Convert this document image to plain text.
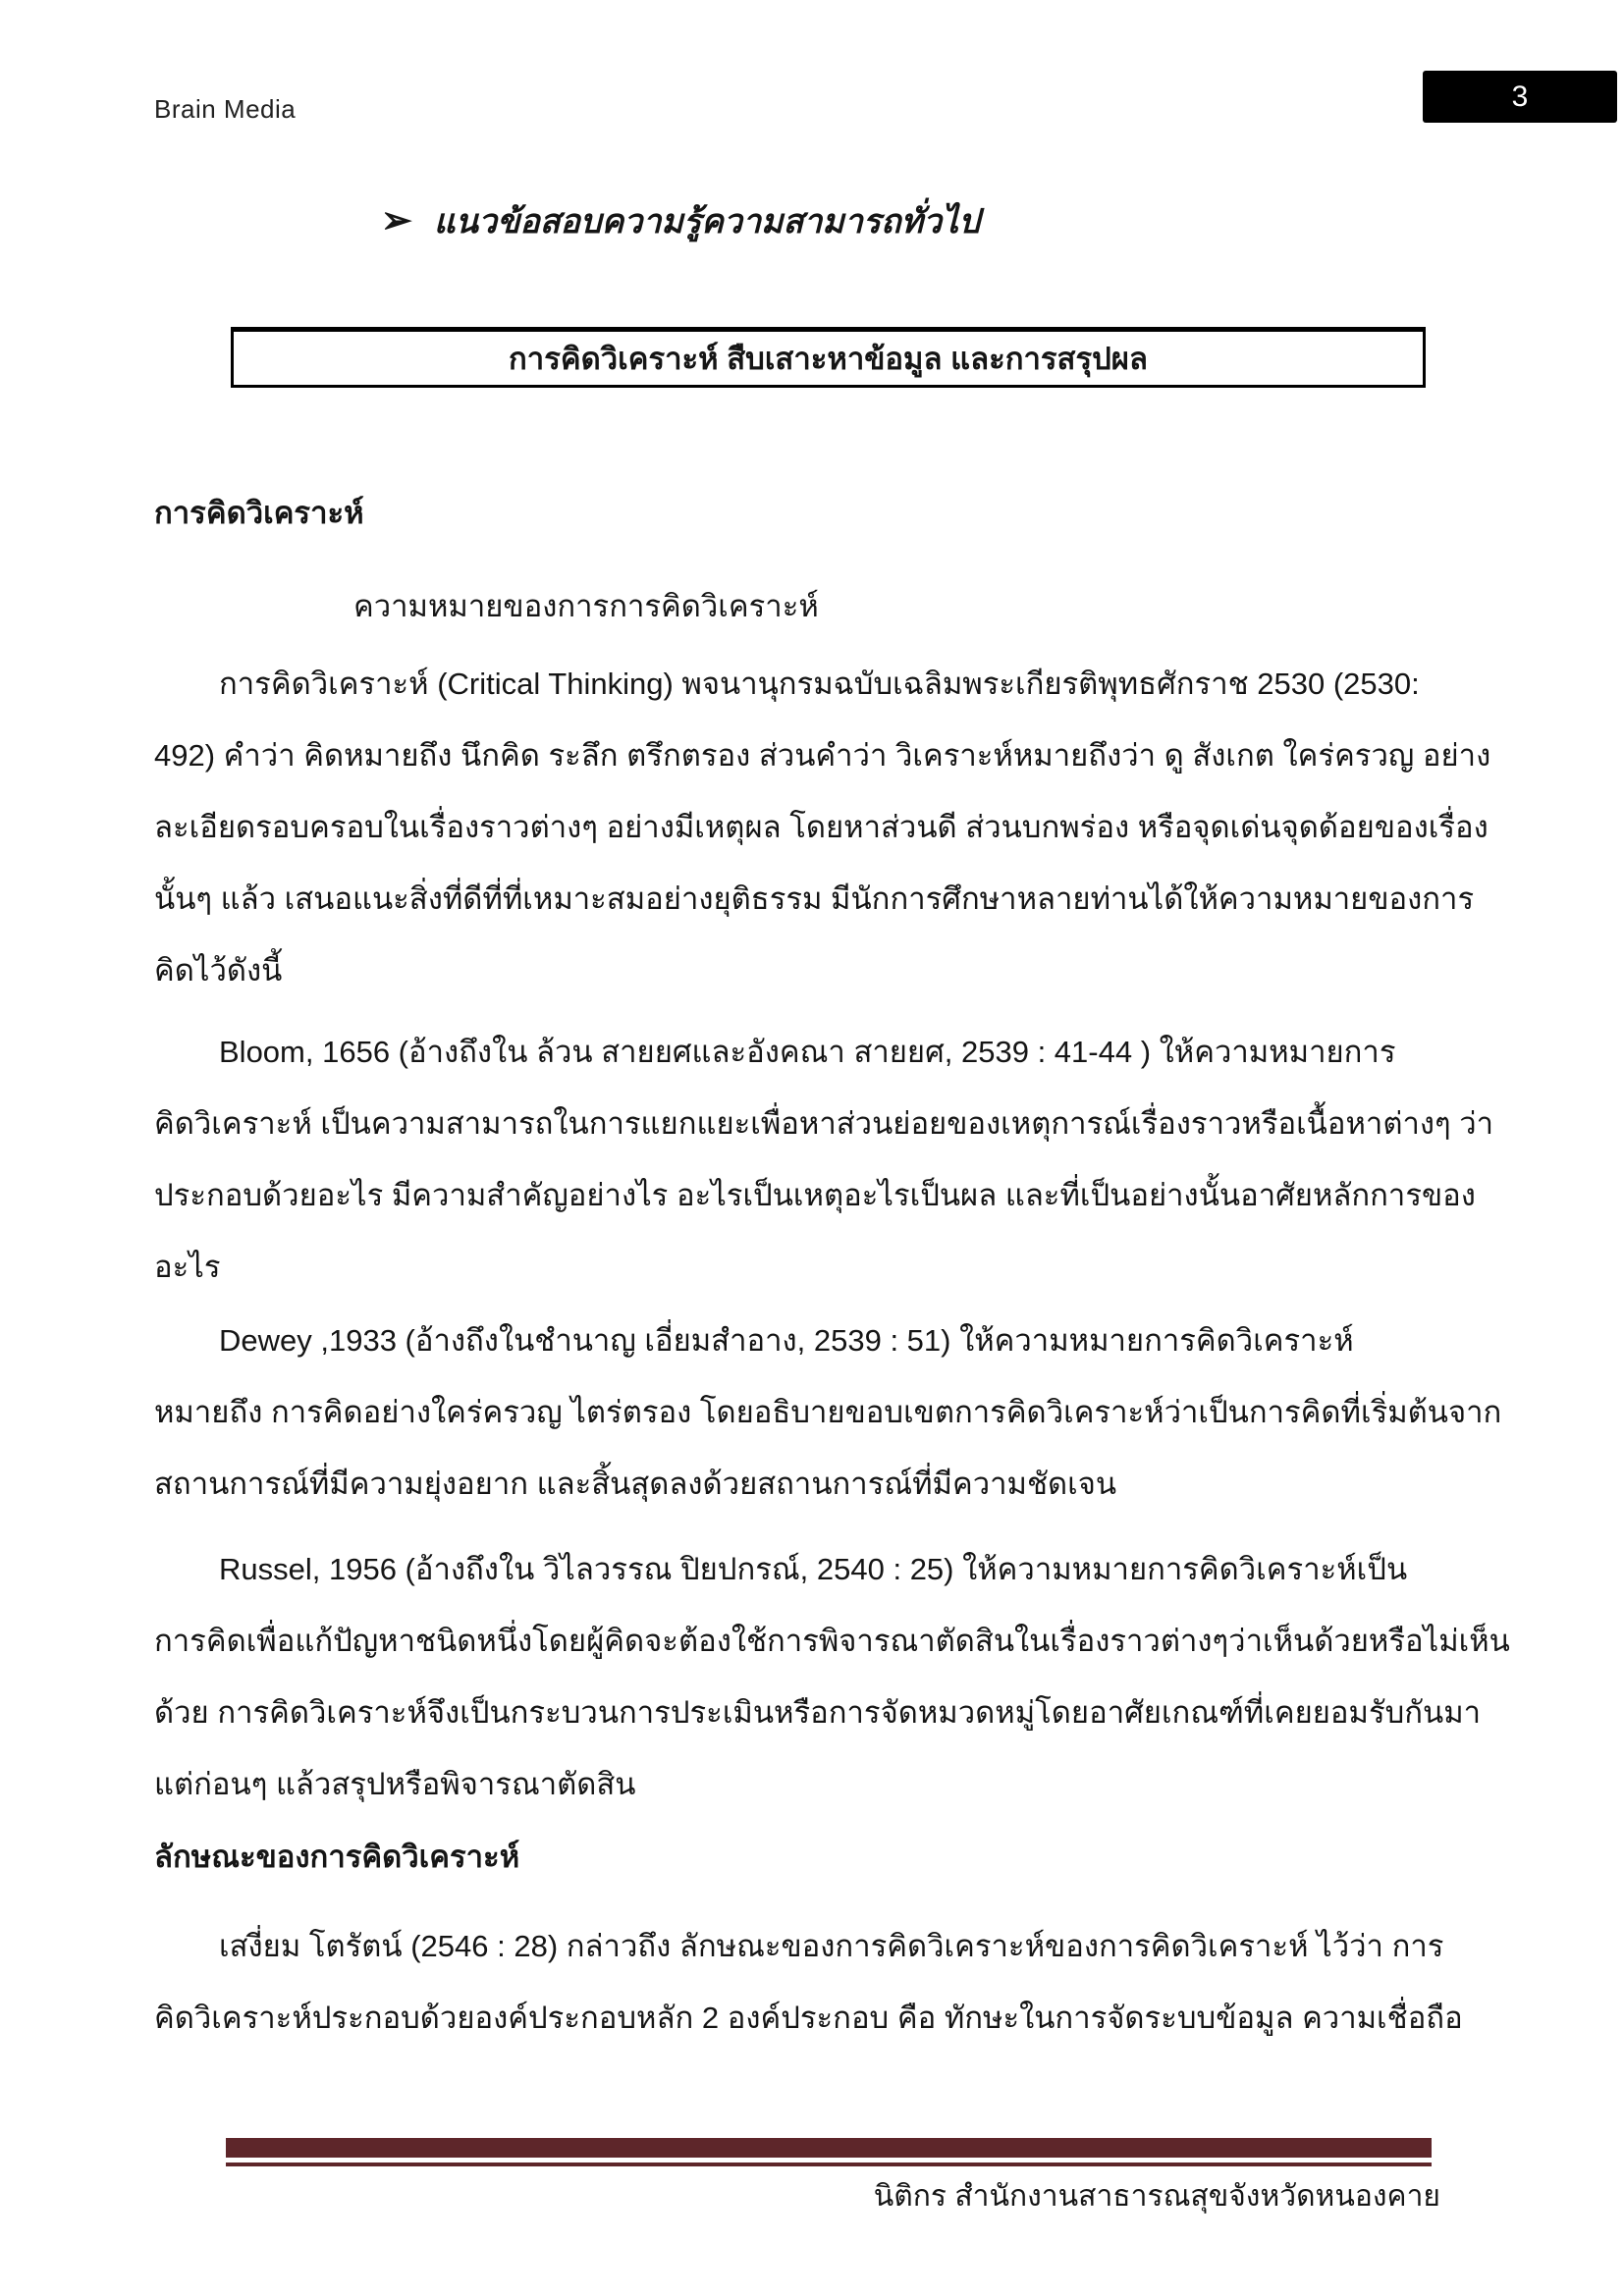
Brain Media	3
➢ แนวข้อสอบความรู้ความสามารถทั่วไป
การคิดวิเคราะห์ สืบเสาะหาข้อมูล และการสรุปผล
การคิดวิเคราะห์
ความหมายของการการคิดวิเคราะห์
การคิดวิเคราะห์ (Critical Thinking) พจนานุกรมฉบับเฉลิมพระเกียรติพุทธศักราช 2530 (2530:
492) คำว่า คิดหมายถึง นึกคิด ระลึก ตรึกตรอง ส่วนคำว่า วิเคราะห์หมายถึงว่า ดู สังเกต ใคร่ครวญ อย่าง
ละเอียดรอบครอบในเรื่องราวต่างๆ อย่างมีเหตุผล โดยหาส่วนดี ส่วนบกพร่อง หรือจุดเด่นจุดด้อยของเรื่อง
นั้นๆ แล้ว เสนอแนะสิ่งที่ดีที่ที่เหมาะสมอย่างยุติธรรม มีนักการศึกษาหลายท่านได้ให้ความหมายของการ
คิดไว้ดังนี้
Bloom, 1656 (อ้างถึงใน ล้วน สายยศและอังคณา สายยศ, 2539 : 41-44 ) ให้ความหมายการ
คิดวิเคราะห์ เป็นความสามารถในการแยกแยะเพื่อหาส่วนย่อยของเหตุการณ์เรื่องราวหรือเนื้อหาต่างๆ ว่า
ประกอบด้วยอะไร มีความสำคัญอย่างไร อะไรเป็นเหตุอะไรเป็นผล และที่เป็นอย่างนั้นอาศัยหลักการของ
อะไร
Dewey ,1933 (อ้างถึงในชำนาญ เอี่ยมสำอาง, 2539 : 51) ให้ความหมายการคิดวิเคราะห์
หมายถึง การคิดอย่างใคร่ครวญ ไตร่ตรอง โดยอธิบายขอบเขตการคิดวิเคราะห์ว่าเป็นการคิดที่เริ่มต้นจาก
สถานการณ์ที่มีความยุ่งอยาก และสิ้นสุดลงด้วยสถานการณ์ที่มีความชัดเจน
Russel, 1956 (อ้างถึงใน วิไลวรรณ ปิยปกรณ์, 2540 : 25) ให้ความหมายการคิดวิเคราะห์เป็น
การคิดเพื่อแก้ปัญหาชนิดหนึ่งโดยผู้คิดจะต้องใช้การพิจารณาตัดสินในเรื่องราวต่างๆว่าเห็นด้วยหรือไม่เห็น
ด้วย การคิดวิเคราะห์จึงเป็นกระบวนการประเมินหรือการจัดหมวดหมู่โดยอาศัยเกณฑ์ที่เคยยอมรับกันมา
แต่ก่อนๆ แล้วสรุปหรือพิจารณาตัดสิน
ลักษณะของการคิดวิเคราะห์
เสงี่ยม โตรัตน์ (2546 : 28) กล่าวถึง ลักษณะของการคิดวิเคราะห์ของการคิดวิเคราะห์ ไว้ว่า การ
คิดวิเคราะห์ประกอบด้วยองค์ประกอบหลัก 2 องค์ประกอบ คือ ทักษะในการจัดระบบข้อมูล ความเชื่อถือ
นิติกร สำนักงานสาธารณสุขจังหวัดหนองคาย
